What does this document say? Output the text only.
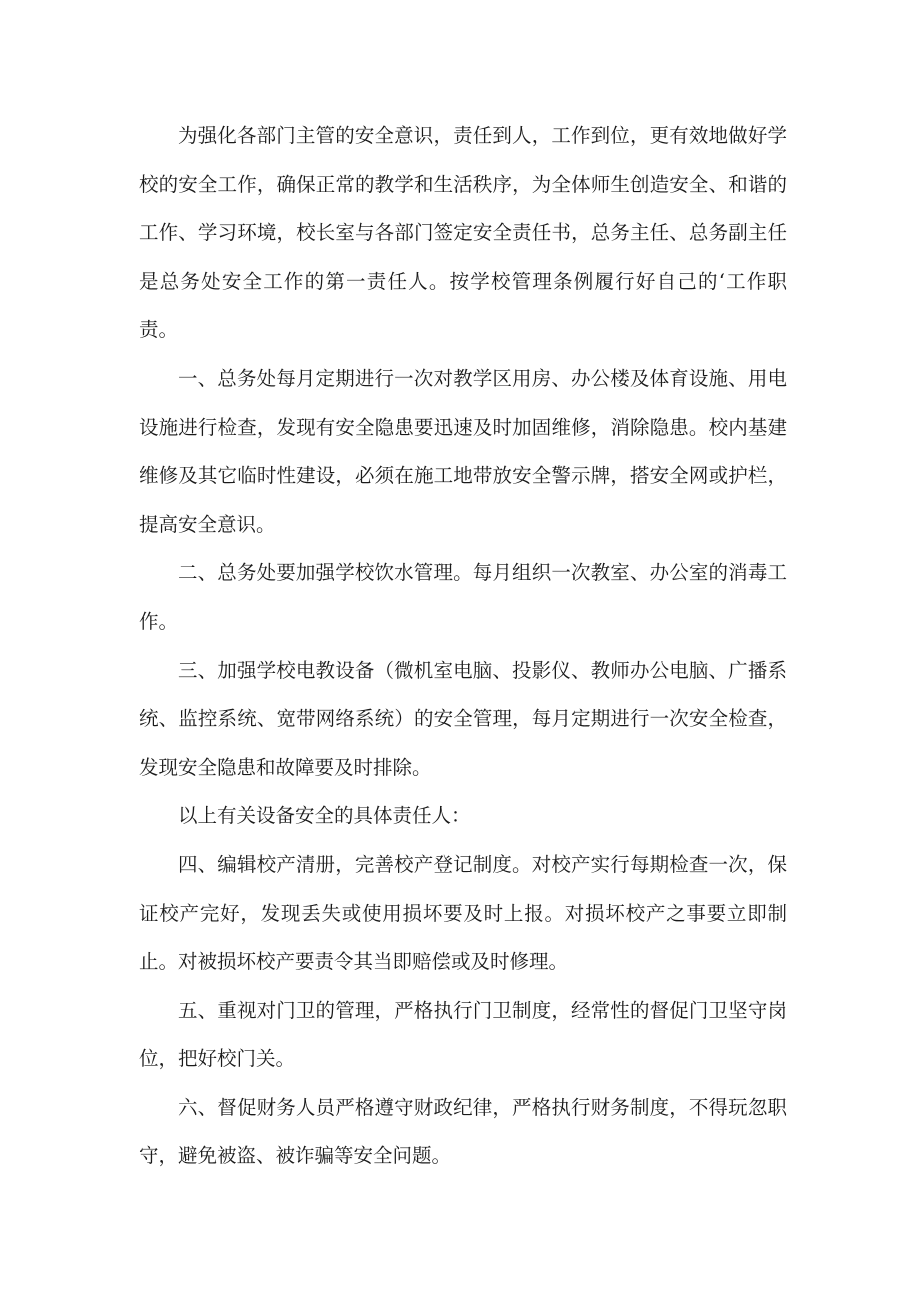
为强化各部门主管的安全意识，责任到人，工作到位，更有效地做好学校的安全工作，确保正常的教学和生活秩序，为全体师生创造安全、和谐的工作、学习环境，校长室与各部门签定安全责任书，总务主任、总务副主任是总务处安全工作的第一责任人。按学校管理条例履行好自己的‘工作职责。

一、总务处每月定期进行一次对教学区用房、办公楼及体育设施、用电设施进行检查，发现有安全隐患要迅速及时加固维修，消除隐患。校内基建维修及其它临时性建设，必须在施工地带放安全警示牌，搭安全网或护栏，提高安全意识。

二、总务处要加强学校饮水管理。每月组织一次教室、办公室的消毒工作。

三、加强学校电教设备（微机室电脑、投影仪、教师办公电脑、广播系统、监控系统、宽带网络系统）的安全管理，每月定期进行一次安全检查，发现安全隐患和故障要及时排除。

以上有关设备安全的具体责任人：

四、编辑校产清册，完善校产登记制度。对校产实行每期检查一次，保证校产完好，发现丢失或使用损坏要及时上报。对损坏校产之事要立即制止。对被损坏校产要责令其当即赔偿或及时修理。

五、重视对门卫的管理，严格执行门卫制度，经常性的督促门卫坚守岗位，把好校门关。

六、督促财务人员严格遵守财政纪律，严格执行财务制度，不得玩忽职守，避免被盗、被诈骗等安全问题。
